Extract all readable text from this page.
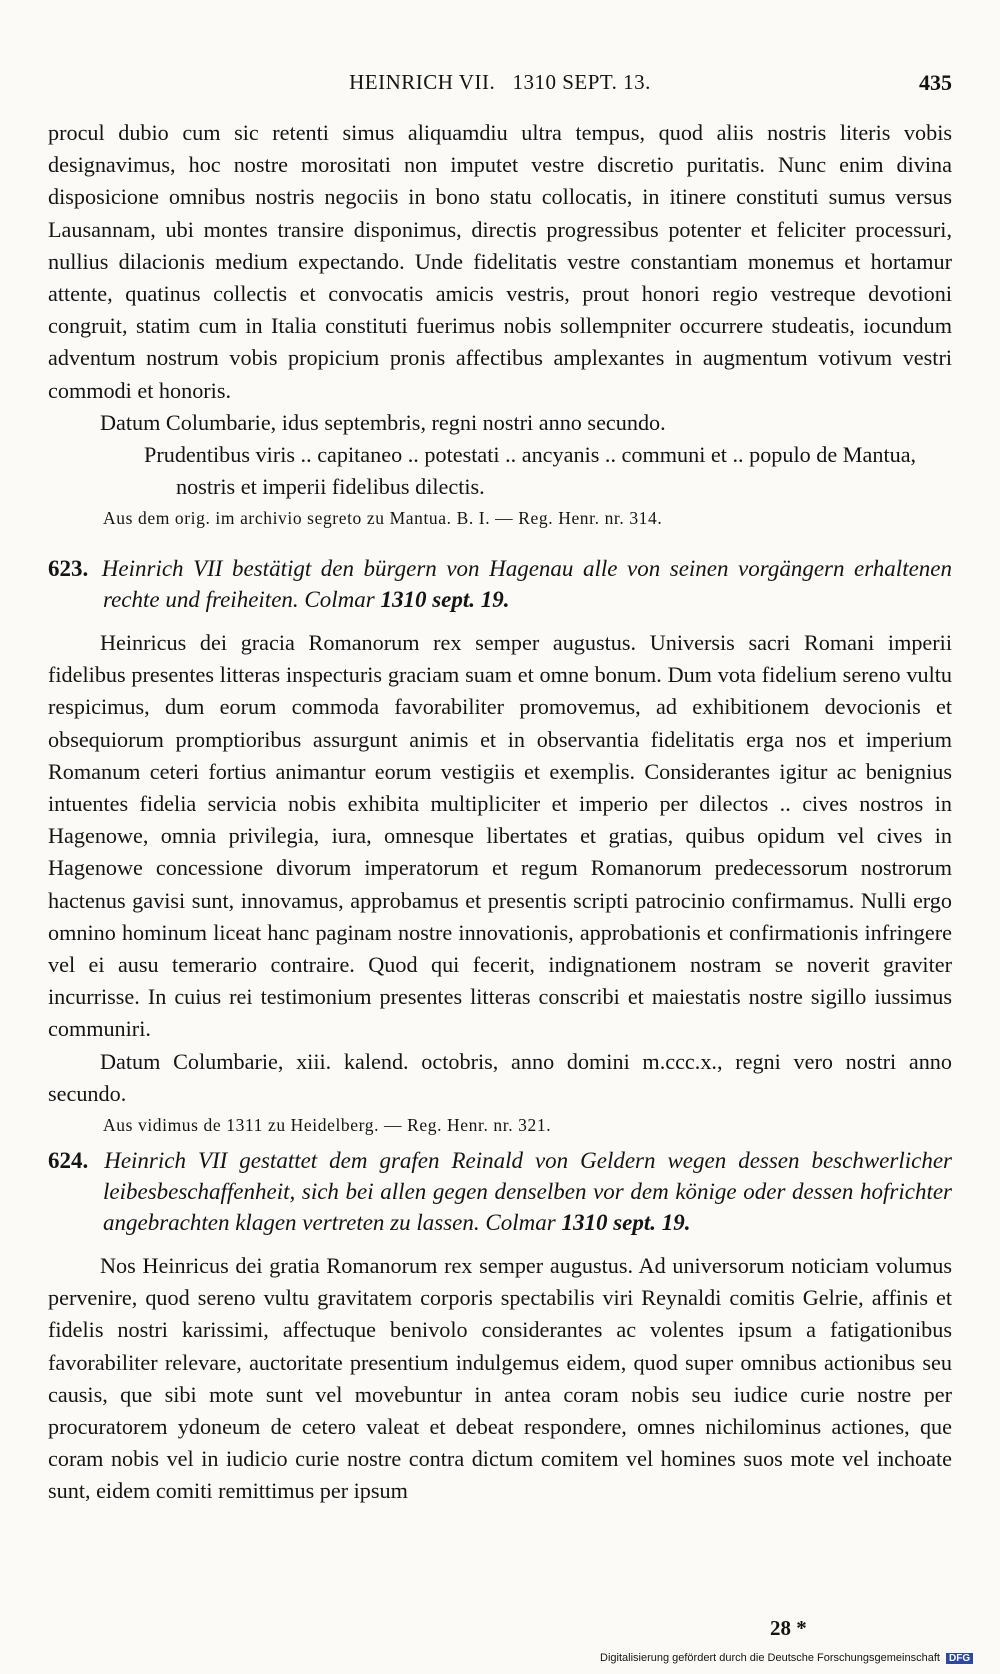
HEINRICH VII.   1310 SEPT. 13.	435

procul dubio cum sic retenti simus aliquamdiu ultra tempus, quod aliis nostris literis vobis designavimus, hoc nostre morositati non imputet vestre discretio puritatis. Nunc enim divina disposicione omnibus nostris negociis in bono statu collocatis, in itinere constituti sumus versus Lausannam, ubi montes transire disponimus, directis progressibus potenter et feliciter processuri, nullius dilacionis medium expectando. Unde fidelitatis vestre constantiam monemus et hortamur attente, quatinus collectis et convocatis amicis vestris, prout honori regio vestreque devotioni congruit, statim cum in Italia constituti fuerimus nobis sollempniter occurrere studeatis, iocundum adventum nostrum vobis propicium pronis affectibus amplexantes in augmentum votivum vestri commodi et honoris.

Datum Columbarie, idus septembris, regni nostri anno secundo.

Prudentibus viris .. capitaneo .. potestati .. ancyanis .. communi et .. populo de Mantua, nostris et imperii fidelibus dilectis.

Aus dem orig. im archivio segreto zu Mantua. B. I. — Reg. Henr. nr. 314.

623. Heinrich VII bestätigt den bürgern von Hagenau alle von seinen vorgängern erhaltenen rechte und freiheiten. Colmar 1310 sept. 19.

Heinricus dei gracia Romanorum rex semper augustus. Universis sacri Romani imperii fidelibus presentes litteras inspecturis graciam suam et omne bonum. Dum vota fidelium sereno vultu respicimus, dum eorum commoda favorabiliter promovemus, ad exhibitionem devocionis et obsequiorum promptioribus assurgunt animis et in observantia fidelitatis erga nos et imperium Romanum ceteri fortius animantur eorum vestigiis et exemplis. Considerantes igitur ac benignius intuentes fidelia servicia nobis exhibita multipliciter et imperio per dilectos .. cives nostros in Hagenowe, omnia privilegia, iura, omnesque libertates et gratias, quibus opidum vel cives in Hagenowe concessione divorum imperatorum et regum Romanorum predecessorum nostrorum hactenus gavisi sunt, innovamus, approbamus et presentis scripti patrocinio confirmamus. Nulli ergo omnino hominum liceat hanc paginam nostre innovationis, approbationis et confirmationis infringere vel ei ausu temerario contraire. Quod qui fecerit, indignationem nostram se noverit graviter incurrisse. In cuius rei testimonium presentes litteras conscribi et maiestatis nostre sigillo iussimus communiri.

Datum Columbarie, xiii. kalend. octobris, anno domini m.ccc.x., regni vero nostri anno secundo.

Aus vidimus de 1311 zu Heidelberg. — Reg. Henr. nr. 321.

624. Heinrich VII gestattet dem grafen Reinald von Geldern wegen dessen beschwerlicher leibesbeschaffenheit, sich bei allen gegen denselben vor dem könige oder dessen hofrichter angebrachten klagen vertreten zu lassen. Colmar 1310 sept. 19.

Nos Heinricus dei gratia Romanorum rex semper augustus. Ad universorum noticiam volumus pervenire, quod sereno vultu gravitatem corporis spectabilis viri Reynaldi comitis Gelrie, affinis et fidelis nostri karissimi, affectuque benivolo considerantes ac volentes ipsum a fatigationibus favorabiliter relevare, auctoritate presentium indulgemus eidem, quod super omnibus actionibus seu causis, que sibi mote sunt vel movebuntur in antea coram nobis seu iudice curie nostre per procuratorem ydoneum de cetero valeat et debeat respondere, omnes nichilominus actiones, que coram nobis vel in iudicio curie nostre contra dictum comitem vel homines suos mote vel inchoate sunt, eidem comiti remittimus per ipsum

28 *
Digitalisierung gefördert durch die Deutsche Forschungsgemeinschaft DFG
